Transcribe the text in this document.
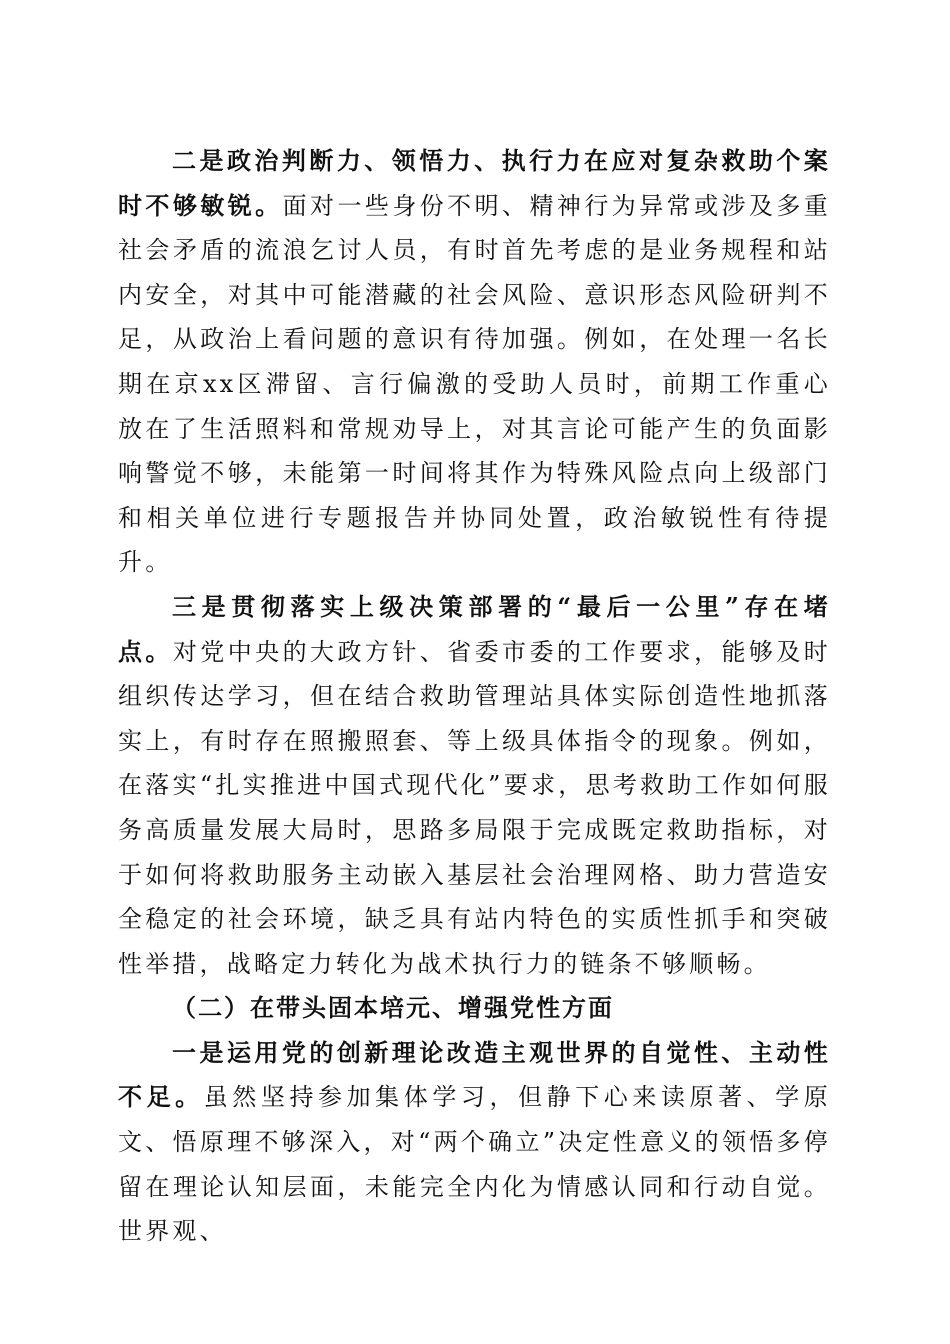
二是政治判断力、领悟力、执行力在应对复杂救助个案时不够敏锐。面对一些身份不明、精神行为异常或涉及多重社会矛盾的流浪乞讨人员，有时首先考虑的是业务规程和站内安全，对其中可能潜藏的社会风险、意识形态风险研判不足，从政治上看问题的意识有待加强。例如，在处理一名长期在京xx区滞留、言行偏激的受助人员时，前期工作重心放在了生活照料和常规劝导上，对其言论可能产生的负面影响警觉不够，未能第一时间将其作为特殊风险点向上级部门和相关单位进行专题报告并协同处置，政治敏锐性有待提升。

三是贯彻落实上级决策部署的“最后一公里”存在堵点。对党中央的大政方针、省委市委的工作要求，能够及时组织传达学习，但在结合救助管理站具体实际创造性地抓落实上，有时存在照搬照套、等上级具体指令的现象。例如，在落实“扎实推进中国式现代化”要求，思考救助工作如何服务高质量发展大局时，思路多局限于完成既定救助指标，对于如何将救助服务主动嵌入基层社会治理网格、助力营造安全稳定的社会环境，缺乏具有站内特色的实质性抓手和突破性举措，战略定力转化为战术执行力的链条不够顺畅。

（二）在带头固本培元、增强党性方面

一是运用党的创新理论改造主观世界的自觉性、主动性不足。虽然坚持参加集体学习，但静下心来读原著、学原文、悟原理不够深入，对“两个确立”决定性意义的领悟多停留在理论认知层面，未能完全内化为情感认同和行动自觉。世界观、
